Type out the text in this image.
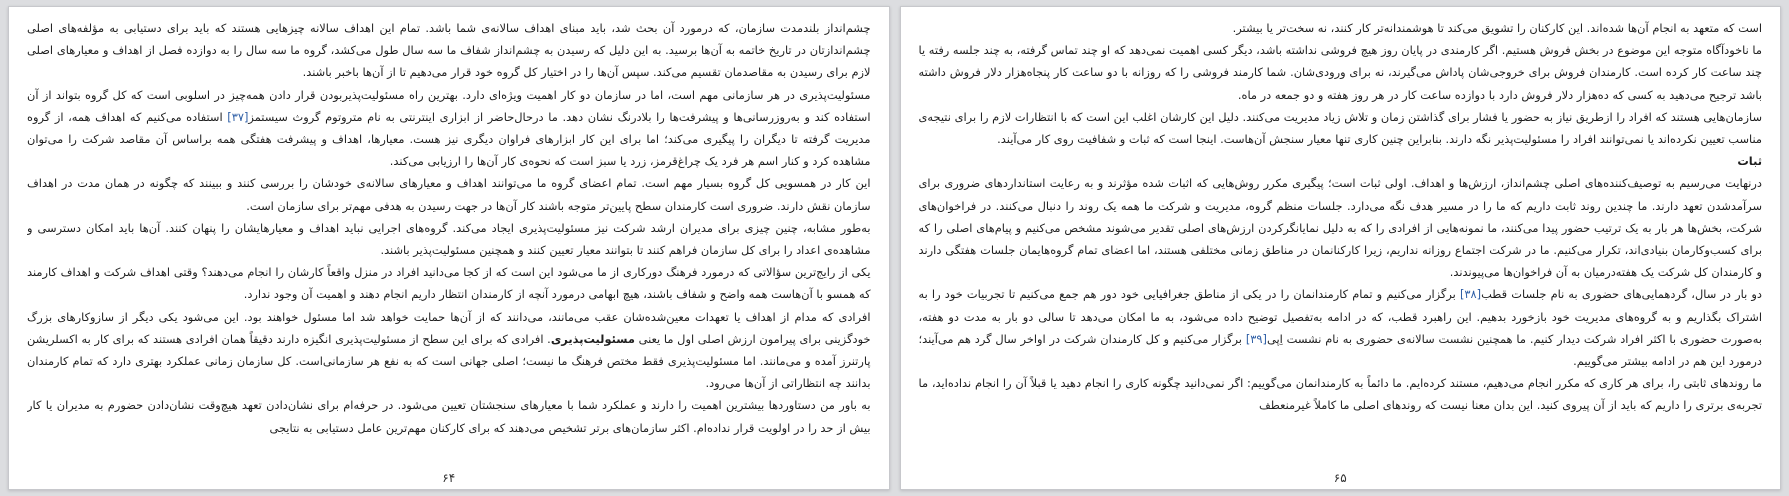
چشم‌انداز بلندمدت سازمان، که درمورد آن بحث شد، باید مبنای اهداف سالانه‌ی شما باشد. تمام این اهداف سالانه چیزهایی هستند که باید برای دستیابی به مؤلفه‌های اصلی چشم‌اندازتان در تاریخ خاتمه به آن‌ها برسید. به این دلیل که رسیدن به چشم‌انداز شفاف ما سه سال طول می‌کشد، گروه ما سه سال را به دوازده فصل از اهداف و معیارهای اصلی لازم برای رسیدن به مقاصدمان تقسیم می‌کند. سپس آن‌ها را در اختیار کل گروه خود قرار می‌دهیم تا از آن‌ها باخبر باشند.

مسئولیت‌پذیری در هر سازمانی مهم است، اما در سازمان دو کار اهمیت ویژه‌ای دارد. بهترین راه مسئولیت‌پذیربودن قرار دادن همه‌چیز در اسلوبی است که کل گروه بتواند از آن استفاده کند و به‌روزرسانی‌ها و پیشرفت‌ها را بلادرنگ نشان دهد. ما درحال‌حاضر از ابزاری اینترنتی به نام متروتوم گروث سیستمز[۳۷] استفاده می‌کنیم که اهداف همه، از گروه مدیریت گرفته تا دیگران را پیگیری می‌کند؛ اما برای این کار ابزارهای فراوان دیگری نیز هست. معیارها، اهداف و پیشرفت هفتگی همه براساس آن مقاصد شرکت را می‌توان مشاهده کرد و کنار اسم هر فرد یک چراغ‌قرمز، زرد یا سبز است که نحوه‌ی کار آن‌ها را ارزیابی می‌کند.

این کار در همسویی کل گروه بسیار مهم است. تمام اعضای گروه ما می‌توانند اهداف و معیارهای سالانه‌ی خودشان را بررسی کنند و ببینند که چگونه در همان مدت در اهداف سازمان نقش دارند. ضروری است کارمندان سطح پایین‌تر متوجه باشند کار آن‌ها در جهت رسیدن به هدفی مهم‌تر برای سازمان است.

به‌طور مشابه، چنین چیزی برای مدیران ارشد شرکت نیز مسئولیت‌پذیری ایجاد می‌کند. گروه‌های اجرایی نباید اهداف و معیارهایشان را پنهان کنند. آن‌ها باید امکان دسترسی و مشاهده‌ی اعداد را برای کل سازمان فراهم کنند تا بتوانند معیار تعیین کنند و همچنین مسئولیت‌پذیر باشند.

یکی از رایج‌ترین سؤالاتی که درمورد فرهنگ دورکاری از ما می‌شود این است که از کجا می‌دانید افراد در منزل واقعاً کارشان را انجام می‌دهند؟ وقتی اهداف شرکت و اهداف کارمند که همسو با آن‌هاست همه واضح و شفاف باشند، هیچ ابهامی درمورد آنچه از کارمندان انتظار داریم انجام دهند و اهمیت آن وجود ندارد.

افرادی که مدام از اهداف یا تعهدات معین‌شده‌شان عقب می‌مانند، می‌دانند که از آن‌ها حمایت خواهد شد اما مسئول خواهند بود. این می‌شود یکی دیگر از سازوکارهای بزرگ خودگزینی برای پیرامون ارزش اصلی اول ما یعنی مسئولیت‌پذیری. افرادی که برای این سطح از مسئولیت‌پذیری انگیزه دارند دقیقاً همان افرادی هستند که برای کار به اکسلریشن پارتنرز آمده و می‌مانند. اما مسئولیت‌پذیری فقط مختص فرهنگ ما نیست؛ اصلی جهانی است که به نفع هر سازمانی‌است. کل سازمان زمانی عملکرد بهتری دارد که تمام کارمندان بدانند چه انتظاراتی از آن‌ها می‌رود.

به باور من دستاوردها بیشترین اهمیت را دارند و عملکرد شما با معیارهای سنجشتان تعیین می‌شود. در حرفه‌ام برای نشان‌دادن تعهد هیچ‌وقت نشان‌دادن حضورم به مدیران یا کار بیش از حد را در اولویت قرار نداده‌ام. اکثر سازمان‌های برتر تشخیص می‌دهند که برای کارکنان مهم‌ترین عامل دستیابی به نتایجی

۶۴

است که متعهد به انجام آن‌ها شده‌اند. این کارکنان را تشویق می‌کند تا هوشمندانه‌تر کار کنند، نه سخت‌تر یا بیشتر.

ما ناخودآگاه متوجه این موضوع در بخش فروش هستیم. اگر کارمندی در پایان روز هیچ فروشی نداشته باشد، دیگر کسی اهمیت نمی‌دهد که او چند تماس گرفته، به چند جلسه رفته یا چند ساعت کار کرده است. کارمندان فروش برای خروجی‌شان پاداش می‌گیرند، نه برای ورودی‌شان. شما کارمند فروشی را که روزانه با دو ساعت کار پنجاه‌هزار دلار فروش داشته باشد ترجیح می‌دهید به کسی که ده‌هزار دلار فروش دارد با دوازده ساعت کار در هر روز هفته و دو جمعه در ماه.

سازمان‌هایی هستند که افراد را ازطریق نیاز به حضور یا فشار برای گذاشتن زمان و تلاش زیاد مدیریت می‌کنند. دلیل این کارشان اغلب این است که با انتظارات لازم را برای نتیجه‌ی مناسب تعیین نکرده‌اند یا نمی‌توانند افراد را مسئولیت‌پذیر نگه دارند. بنابراین چنین کاری تنها معیار سنجش آن‌هاست. اینجا است که ثبات و شفافیت روی کار می‌آیند.

ثبات

درنهایت می‌رسیم به توصیف‌کننده‌های اصلی چشم‌انداز، ارزش‌ها و اهداف. اولی ثبات است؛ پیگیری مکرر روش‌هایی که اثبات شده مؤثرند و به رعایت استانداردهای ضروری برای سرآمدشدن تعهد دارند. ما چندین روند ثابت داریم که ما را در مسیر هدف نگه می‌دارد. جلسات منظم گروه، مدیریت و شرکت ما همه یک روند را دنبال می‌کنند. در فراخوان‌های شرکت، بخش‌ها هر بار به یک ترتیب حضور پیدا می‌کنند، ما نمونه‌هایی از افرادی را که به دلیل نمایانگرکردن ارزش‌های اصلی تقدیر می‌شوند مشخص می‌کنیم و پیام‌های اصلی را که برای کسب‌وکارمان بنیادی‌اند، تکرار می‌کنیم. ما در شرکت اجتماع روزانه نداریم، زیرا کارکنانمان در مناطق زمانی مختلفی هستند، اما اعضای تمام گروه‌هایمان جلسات هفتگی دارند و کارمندان کل شرکت یک هفته‌درمیان به آن فراخوان‌ها می‌پیوندند.

دو بار در سال، گردهمایی‌های حضوری به نام جلسات قطب[۳۸] برگزار می‌کنیم و تمام کارمندانمان را در یکی از مناطق جغرافیایی خود دور هم جمع می‌کنیم تا تجربیات خود را به اشتراک بگذاریم و به گروه‌های مدیریت خود بازخورد بدهیم. این راهبرد قطب، که در ادامه به‌تفصیل توضیح داده می‌شود، به ما امکان می‌دهد تا سالی دو بار به مدت دو هفته، به‌صورت حضوری با اکثر افراد شرکت دیدار کنیم. ما همچنین نشست سالانه‌ی حضوری به نام نشست اِپی[۳۹] برگزار می‌کنیم و کل کارمندان شرکت در اواخر سال گرد هم می‌آیند؛ درمورد این هم در ادامه بیشتر می‌گوییم.

ما روندهای ثابتی را، برای هر کاری که مکرر انجام می‌دهیم، مستند کرده‌ایم. ما دائماً به کارمندانمان می‌گوییم: اگر نمی‌دانید چگونه کاری را انجام دهید یا قبلاً آن را انجام نداده‌اید، ما تجربه‌ی برتری را داریم که باید از آن پیروی کنید. این بدان معنا نیست که روندهای اصلی ما کاملاً غیرمنعطف

۶۵
